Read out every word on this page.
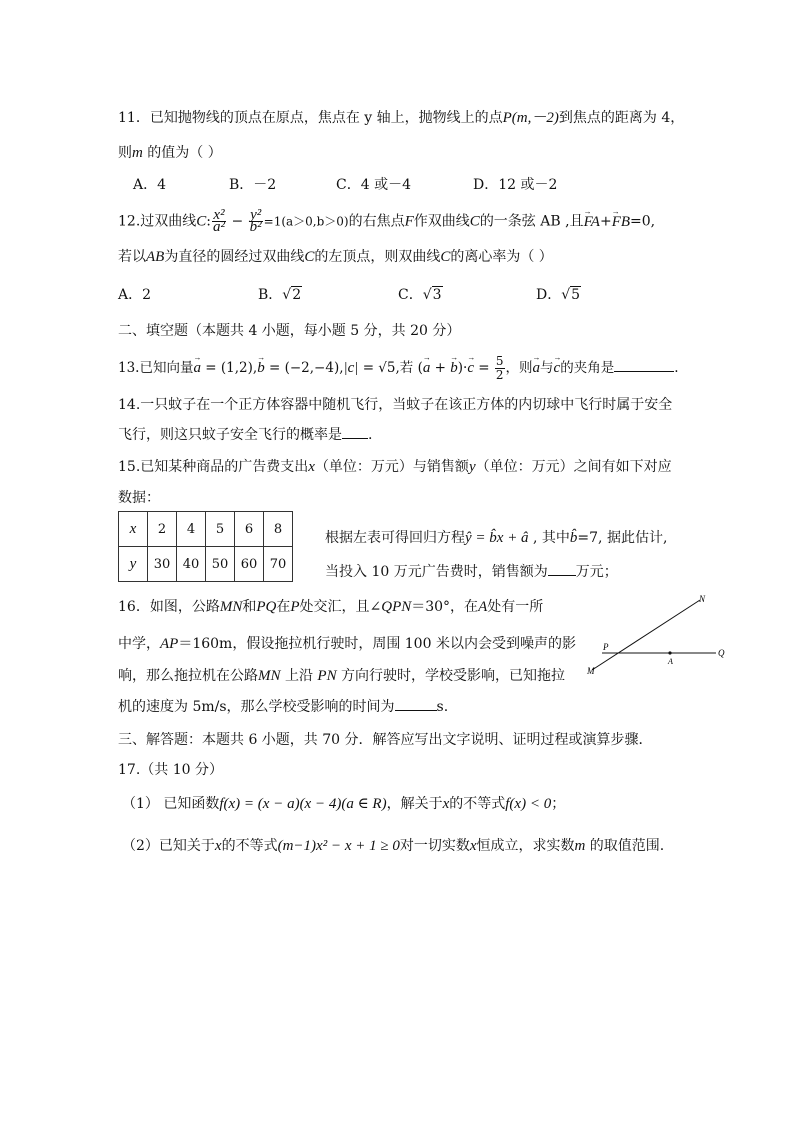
11．已知抛物线的顶点在原点，焦点在 y 轴上，抛物线上的点P(m,－2)到焦点的距离为 4，
则m 的值为（ ）
A．4	B．－2	C．4 或－4	D．12 或－2
12.过双曲线C: $\frac{\text{x²}}{\text{a²}} - \frac{\text{y²}}{\text{b²}} =1(a>0,b>0)$的右焦点F作双曲线C的一条弦 AB ,且→ FA+→ FB=0,
若以AB为直径的圆经过双曲线C的左顶点，则双曲线C的离心率为（ ）
A．2	B．√2	C．√3	D．√5
二、填空题（本题共 4 小题，每小题 5 分，共 20 分）
13.已知向量→ a = (1,2),→ b = (−2,−4),|c| = √5,若 (→ a + → $b)\cdot\to c = \frac{5}{2}$ ，则→ a与→ c的夹角是	.
14.一只蚊子在一个正方体容器中随机飞行，当蚊子在该正方体的内切球中飞行时属于安全
飞行，则这只蚊子安全飞行的概率是 .
15.已知某种商品的广告费支出x（单位：万元）与销售额y（单位：万元）之间有如下对应
数据：
x	2	4	5	6	8
y	30	40	50	60	70
根据左表可得回归方程ŷ = b̂x + â , 其中b̂=7, 据此估计,
当投入 10 万元广告费时，销售额为 万元；
16．如图，公路MN和PQ在P处交汇，且∠QPN＝30°，在A处有一所
中学，AP＝160m，假设拖拉机行驶时，周围 100 米以内会受到噪声的影
响，那么拖拉机在公路MN 上沿 PN 方向行驶时，学校受影响，已知拖拉
机的速度为 5m/s，那么学校受影响的时间为	s.
N
P
Q
A
M
三、解答题：本题共 6 小题，共 70 分．解答应写出文字说明、证明过程或演算步骤．
17.（共 10 分）
（1） 已知函数f(x) = (x − a)(x − 4)(a ∈ R)，解关于x的不等式f(x) < 0；
（2）已知关于x的不等式(m−1)x² − x + 1 ≥ 0对一切实数x恒成立，求实数m 的取值范围.
